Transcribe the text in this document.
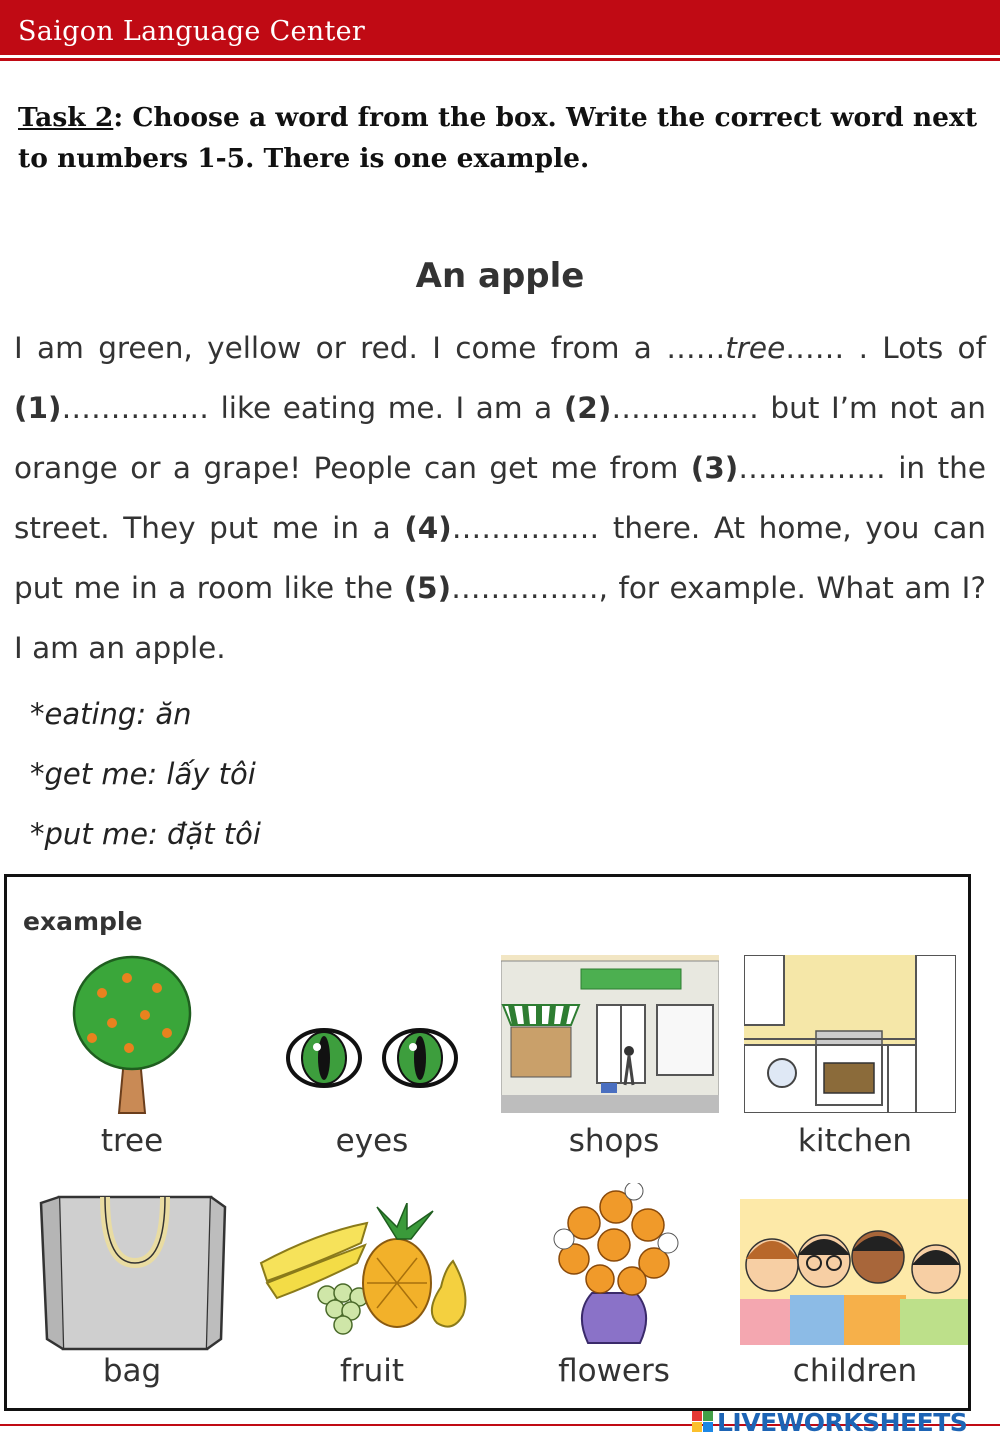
Saigon Language Center
Task 2: Choose a word from the box. Write the correct word next to numbers 1-5. There is one example.
An apple
I am green, yellow or red. I come from a ……tree…… . Lots of (1)…………… like eating me. I am a (2)…………… but I’m not an orange or a grape! People can get me from (3)…………… in the street. They put me in a (4)…………… there. At home, you can put me in a room like the (5)……………, for example. What am I? I am an apple.
*eating: ăn
*get me: lấy tôi
*put me: đặt tôi
example
tree	eyes	shops	kitchen
bag	fruit	flowers	children
LIVEWORKSHEETS
